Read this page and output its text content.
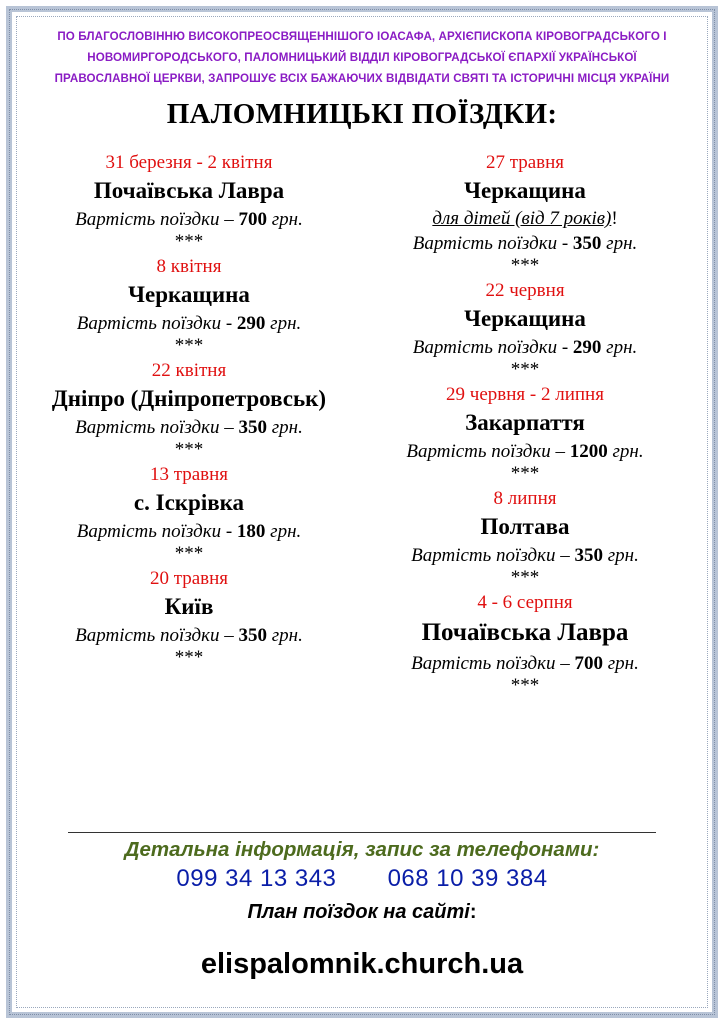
ПО БЛАГОСЛОВІННЮ ВИСОКОПРЕОСВЯЩЕННІШОГО ІОАСАФА, АРХІЄПИСКОПА КІРОВОГРАДСЬКОГО І
НОВОМИРГОРОДСЬКОГО, ПАЛОМНИЦЬКИЙ ВІДДІЛ КІРОВОГРАДСЬКОЇ ЄПАРХІЇ УКРАЇНСЬКОЇ
ПРАВОСЛАВНОЇ ЦЕРКВИ, ЗАПРОШУЄ ВСІХ БАЖАЮЧИХ ВІДВІДАТИ СВЯТІ ТА ІСТОРИЧНІ МІСЦЯ УКРАЇНИ
ПАЛОМНИЦЬКІ ПОЇЗДКИ:
31 березня - 2 квітня
Почаївська Лавра
Вартість поїздки – 700 грн.
***
8 квітня
Черкащина
Вартість поїздки - 290 грн.
***
22 квітня
Дніпро (Дніпропетровськ)
Вартість поїздки – 350 грн.
***
13 травня
с. Іскрівка
Вартість поїздки - 180 грн.
***
20 травня
Київ
Вартість поїздки – 350 грн.
***
27 травня
Черкащина
для дітей (від 7 років)!
Вартість поїздки - 350 грн.
***
22 червня
Черкащина
Вартість поїздки - 290 грн.
***
29 червня - 2 липня
Закарпаття
Вартість поїздки – 1200 грн.
***
8 липня
Полтава
Вартість поїздки – 350 грн.
***
4 - 6 серпня
Почаївська Лавра
Вартість поїздки – 700 грн.
***
Детальна інформація, запис за телефонами:
099 34 13 343 068 10 39 384
План поїздок на сайті:
elispalomnik.church.ua
